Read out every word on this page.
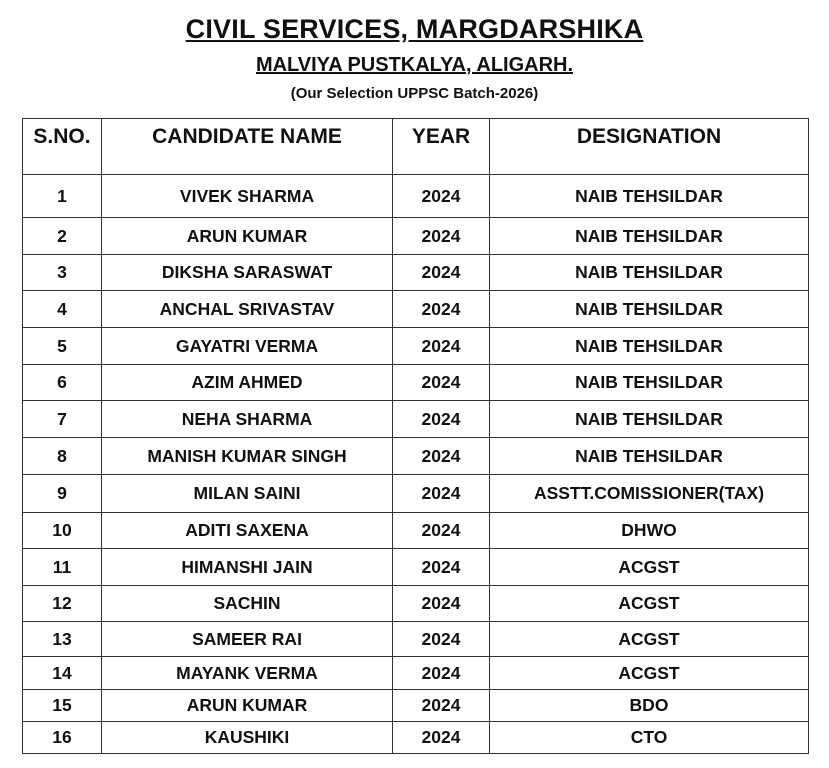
CIVIL SERVICES, MARGDARSHIKA
MALVIYA PUSTKALYA, ALIGARH.
(Our Selection UPPSC Batch-2026)
S.NO.	CANDIDATE NAME	YEAR	DESIGNATION
1	VIVEK SHARMA	2024	NAIB TEHSILDAR
2	ARUN KUMAR	2024	NAIB TEHSILDAR
3	DIKSHA SARASWAT	2024	NAIB TEHSILDAR
4	ANCHAL SRIVASTAV	2024	NAIB TEHSILDAR
5	GAYATRI VERMA	2024	NAIB TEHSILDAR
6	AZIM AHMED	2024	NAIB TEHSILDAR
7	NEHA SHARMA	2024	NAIB TEHSILDAR
8	MANISH KUMAR SINGH	2024	NAIB TEHSILDAR
9	MILAN SAINI	2024	ASSTT.COMISSIONER(TAX)
10	ADITI SAXENA	2024	DHWO
11	HIMANSHI JAIN	2024	ACGST
12	SACHIN	2024	ACGST
13	SAMEER RAI	2024	ACGST
14	MAYANK VERMA	2024	ACGST
15	ARUN KUMAR	2024	BDO
16	KAUSHIKI	2024	CTO
